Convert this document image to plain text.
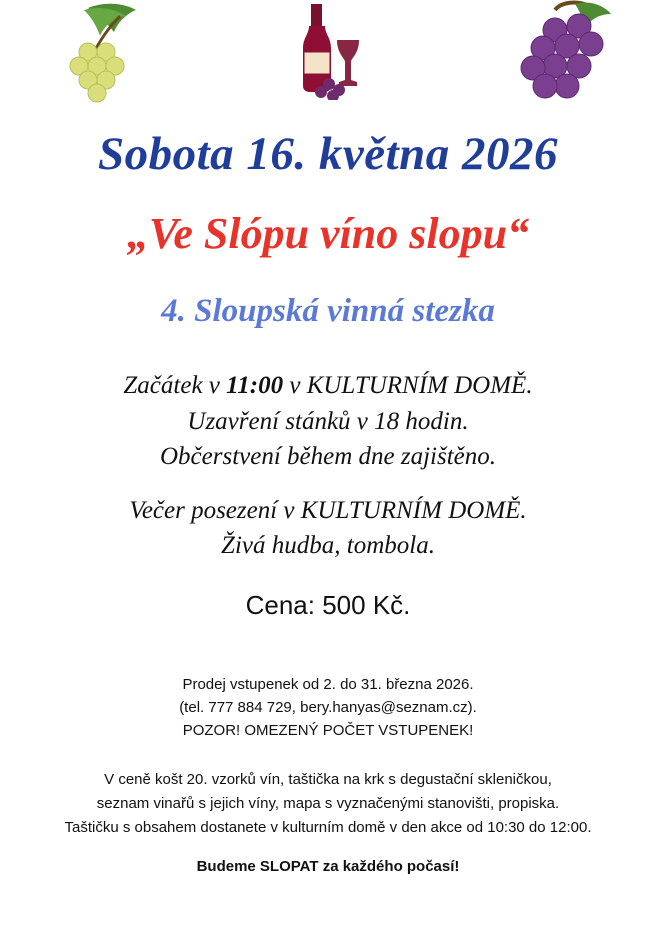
Sobota 16. května 2026
„Ve Slópu víno slopu“
4. Sloupská vinná stezka
Začátek v 11:00 v KULTURNÍM DOMĚ.
Uzavření stánků v 18 hodin.
Občerstvení během dne zajištěno.
Večer posezení v KULTURNÍM DOMĚ.
Živá hudba, tombola.
Cena: 500 Kč.
Prodej vstupenek od 2. do 31. března 2026.
(tel. 777 884 729, bery.hanyas@seznam.cz).
POZOR! OMEZENÝ POČET VSTUPENEK!
V ceně košt 20. vzorků vín, taštička na krk s degustační skleničkou,
seznam vinařů s jejich víny, mapa s vyznačenými stanovišti, propiska.
Taštičku s obsahem dostanete v kulturním domě v den akce od 10:30 do 12:00.
Budeme SLOPAT za každého počasí!
